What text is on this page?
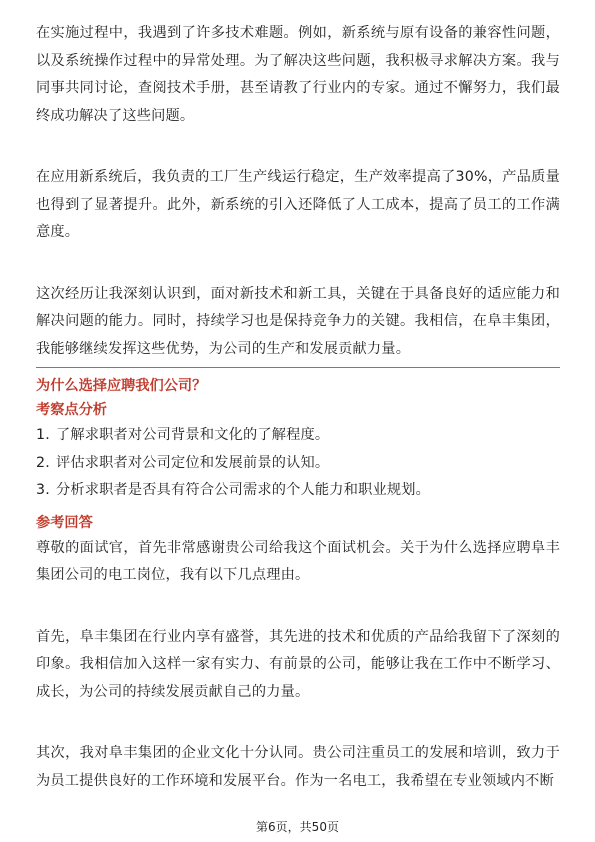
在实施过程中，我遇到了许多技术难题。例如，新系统与原有设备的兼容性问题，以及系统操作过程中的异常处理。为了解决这些问题，我积极寻求解决方案。我与同事共同讨论，查阅技术手册，甚至请教了行业内的专家。通过不懈努力，我们最终成功解决了这些问题。

在应用新系统后，我负责的工厂生产线运行稳定，生产效率提高了30%，产品质量也得到了显著提升。此外，新系统的引入还降低了人工成本，提高了员工的工作满意度。

这次经历让我深刻认识到，面对新技术和新工具，关键在于具备良好的适应能力和解决问题的能力。同时，持续学习也是保持竞争力的关键。我相信，在阜丰集团，我能够继续发挥这些优势，为公司的生产和发展贡献力量。

为什么选择应聘我们公司？

考察点分析

1. 了解求职者对公司背景和文化的了解程度。
2. 评估求职者对公司定位和发展前景的认知。
3. 分析求职者是否具有符合公司需求的个人能力和职业规划。

参考回答

尊敬的面试官，首先非常感谢贵公司给我这个面试机会。关于为什么选择应聘阜丰集团公司的电工岗位，我有以下几点理由。

首先，阜丰集团在行业内享有盛誉，其先进的技术和优质的产品给我留下了深刻的印象。我相信加入这样一家有实力、有前景的公司，能够让我在工作中不断学习、成长，为公司的持续发展贡献自己的力量。

其次，我对阜丰集团的企业文化十分认同。贵公司注重员工的发展和培训，致力于为员工提供良好的工作环境和发展平台。作为一名电工，我希望在专业领域内不断

第6页，共50页
